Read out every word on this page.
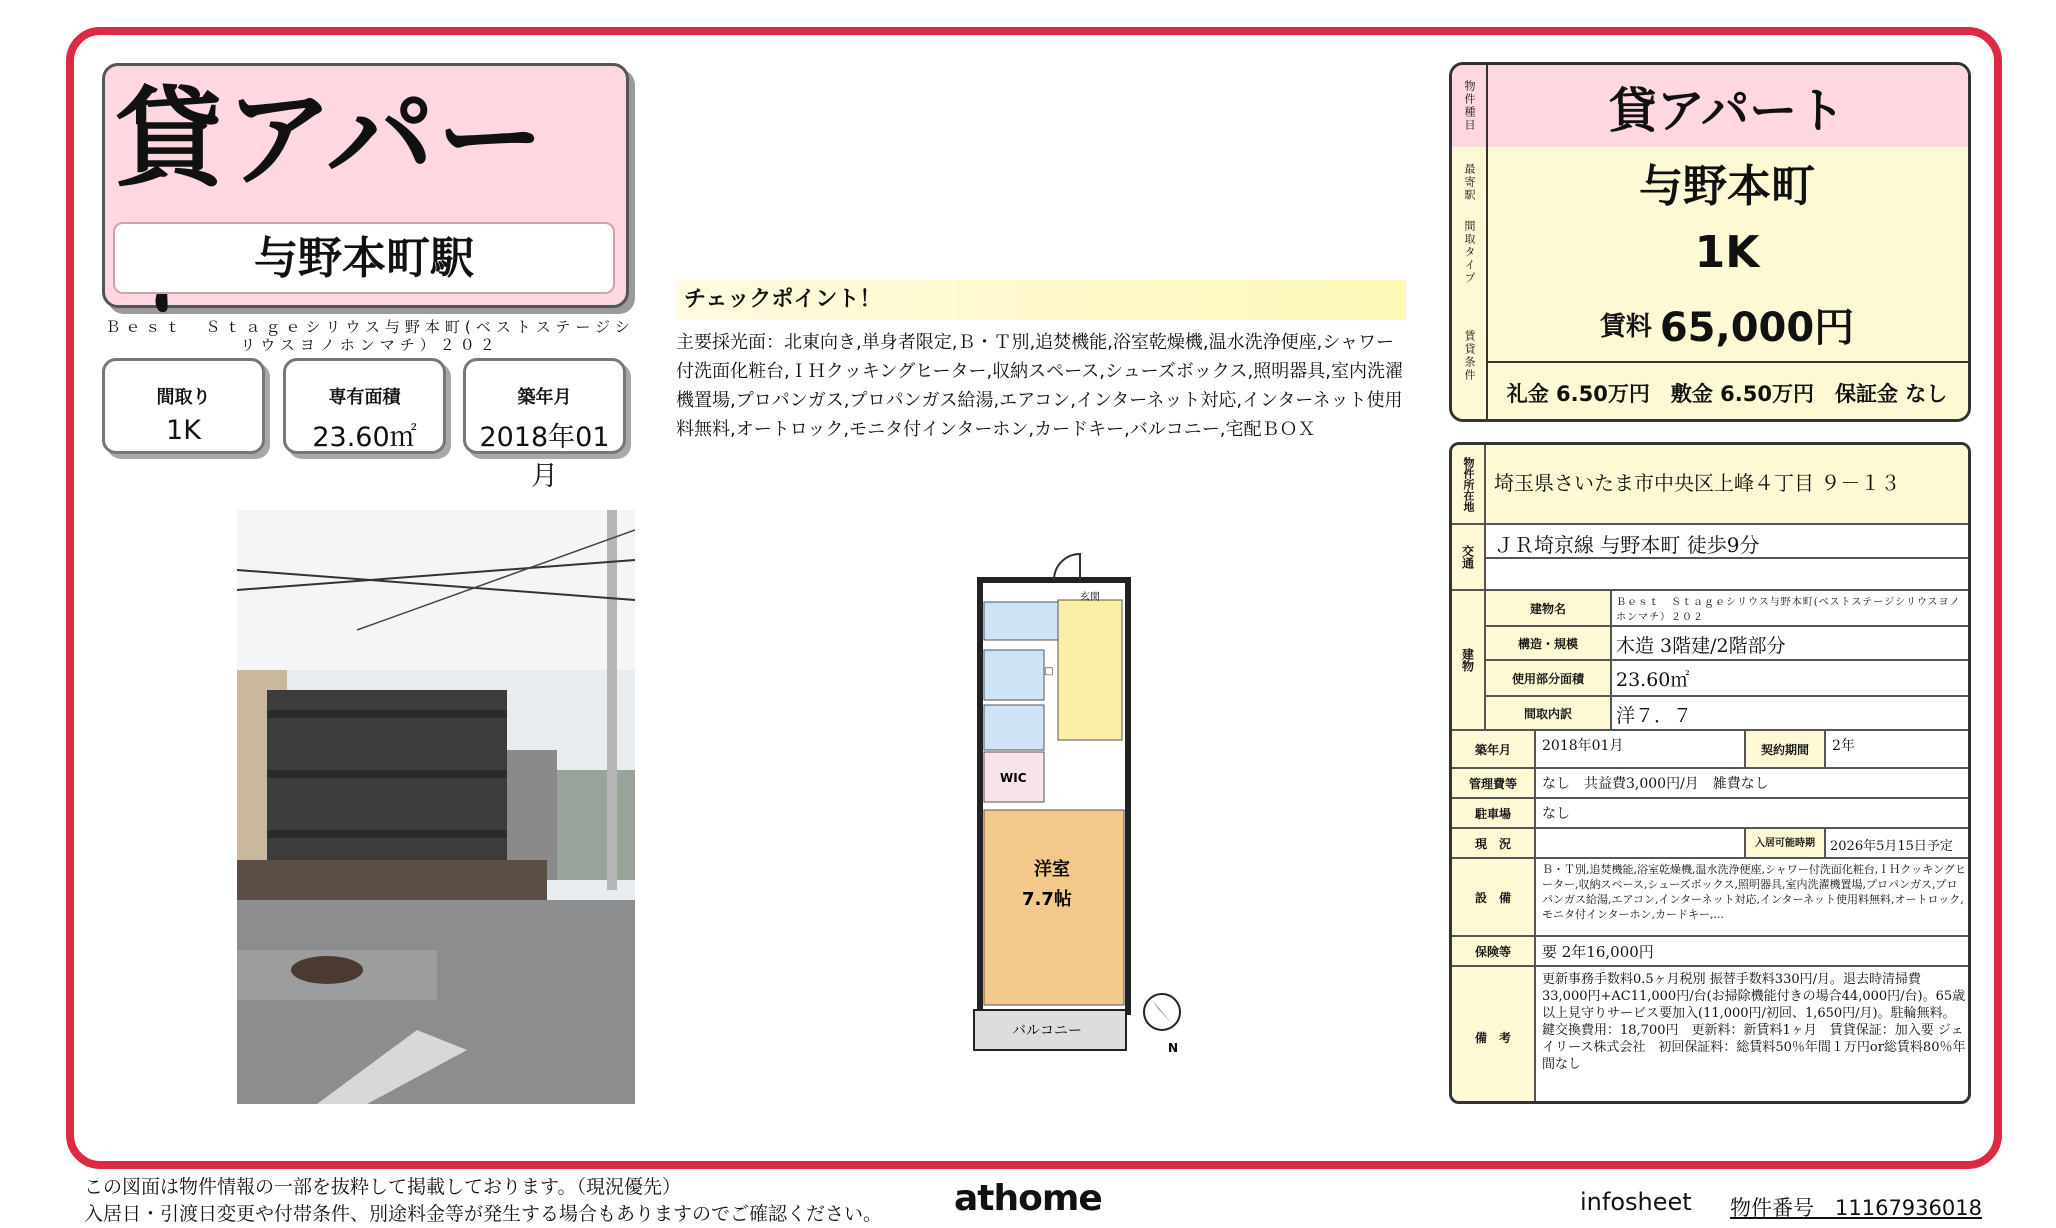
貸アパー
与野本町駅
Ｂｅｓｔ　Ｓｔａｇｅシリウス与野本町(ベストステージシリウスヨノホンマチ）２０２
間取り
1K
専有面積
23.60㎡
築年月
2018年01月
チェックポイント！
主要採光面：北東向き,単身者限定,Ｂ・Ｔ別,追焚機能,浴室乾燥機,温水洗浄便座,シャワー付洗面化粧台,ＩＨクッキングヒーター,収納スペース,シューズボックス,照明器具,室内洗濯機置場,プロパンガス,プロパンガス給湯,エアコン,インターネット対応,インターネット使用料無料,オートロック,モニタ付インターホン,カードキー,バルコニー,宅配ＢＯＸ
□
玄関
WIC
洋室
7.7帖
バルコニー
N
物件種目	貸アパート
最寄駅	与野本町
間取タイプ	1K
賃貸条件
賃料 65,000円
礼金 6.50万円　敷金 6.50万円　保証金 なし
物件所在地 埼玉県さいたま市中央区上峰４丁目 ９－１３
交通 ＪＲ埼京線 与野本町 徒歩9分
建物
建物名	Ｂｅｓｔ　Ｓｔａｇｅシリウス与野本町(ベストステージシリウスヨノホンマチ）２０２
構造・規模	木造 3階建/2階部分
使用部分面積	23.60㎡
間取内訳	洋７．７
築年月	2018年01月	契約期間	2年
管理費等	なし　共益費3,000円/月　雑費なし
駐車場	なし
現　況	入居可能時期	2026年5月15日予定
設　備
Ｂ・Ｔ別,追焚機能,浴室乾燥機,温水洗浄便座,シャワー付洗面化粧台,ＩＨクッキングヒーター,収納スペース,シューズボックス,照明器具,室内洗濯機置場,プロパンガス,プロパンガス給湯,エアコン,インターネット対応,インターネット使用料無料,オートロック,モニタ付インターホン,カードキー,...
保険等	要 2年16,000円
備　考
更新事務手数料0.5ヶ月税別 振替手数料330円/月。退去時清掃費33,000円+AC11,000円/台(お掃除機能付きの場合44,000円/台)。65歳以上見守りサービス要加入(11,000円/初回、1,650円/月)。駐輪無料。　鍵交換費用：18,700円　更新料：新賃料1ヶ月　賃貸保証：加入要 ジェイリース株式会社　初回保証料：総賃料50％年間１万円or総賃料80％年間なし
この図面は物件情報の一部を抜粋して掲載しております。（現況優先）
入居日・引渡日変更や付帯条件、別途料金等が発生する場合もありますのでご確認ください。 athome	infosheet 物件番号　11167936018
